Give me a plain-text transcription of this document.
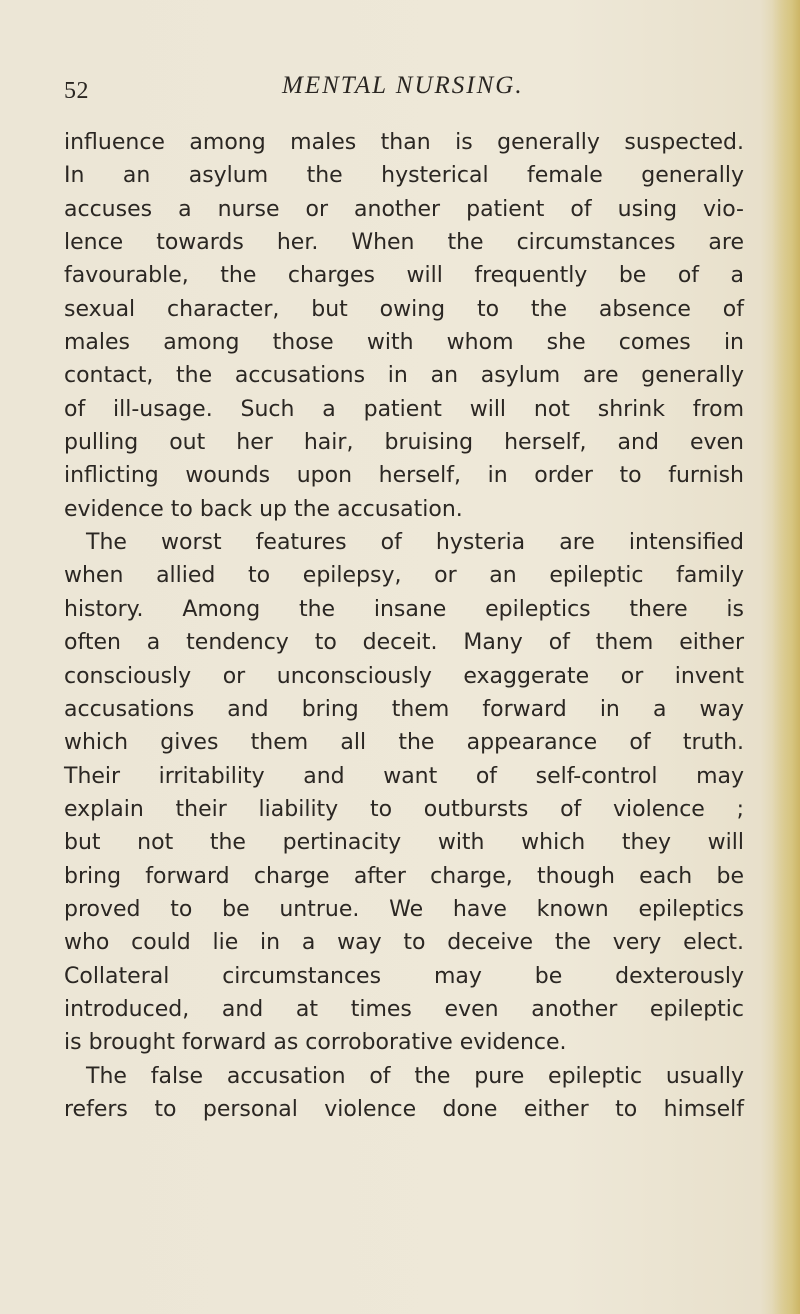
52	MENTAL NURSING.
influence among males than is generally suspected.
In an asylum the hysterical female generally
accuses a nurse or another patient of using vio-
lence towards her. When the circumstances are
favourable, the charges will frequently be of a
sexual character, but owing to the absence of
males among those with whom she comes in
contact, the accusations in an asylum are generally
of ill-usage. Such a patient will not shrink from
pulling out her hair, bruising herself, and even
inflicting wounds upon herself, in order to furnish
evidence to back up the accusation.
The worst features of hysteria are intensified
when allied to epilepsy, or an epileptic family
history. Among the insane epileptics there is
often a tendency to deceit. Many of them either
consciously or unconsciously exaggerate or invent
accusations and bring them forward in a way
which gives them all the appearance of truth.
Their irritability and want of self-control may
explain their liability to outbursts of violence ;
but not the pertinacity with which they will
bring forward charge after charge, though each be
proved to be untrue. We have known epileptics
who could lie in a way to deceive the very elect.
Collateral circumstances may be dexterously
introduced, and at times even another epileptic
is brought forward as corroborative evidence.
The false accusation of the pure epileptic usually
refers to personal violence done either to himself
